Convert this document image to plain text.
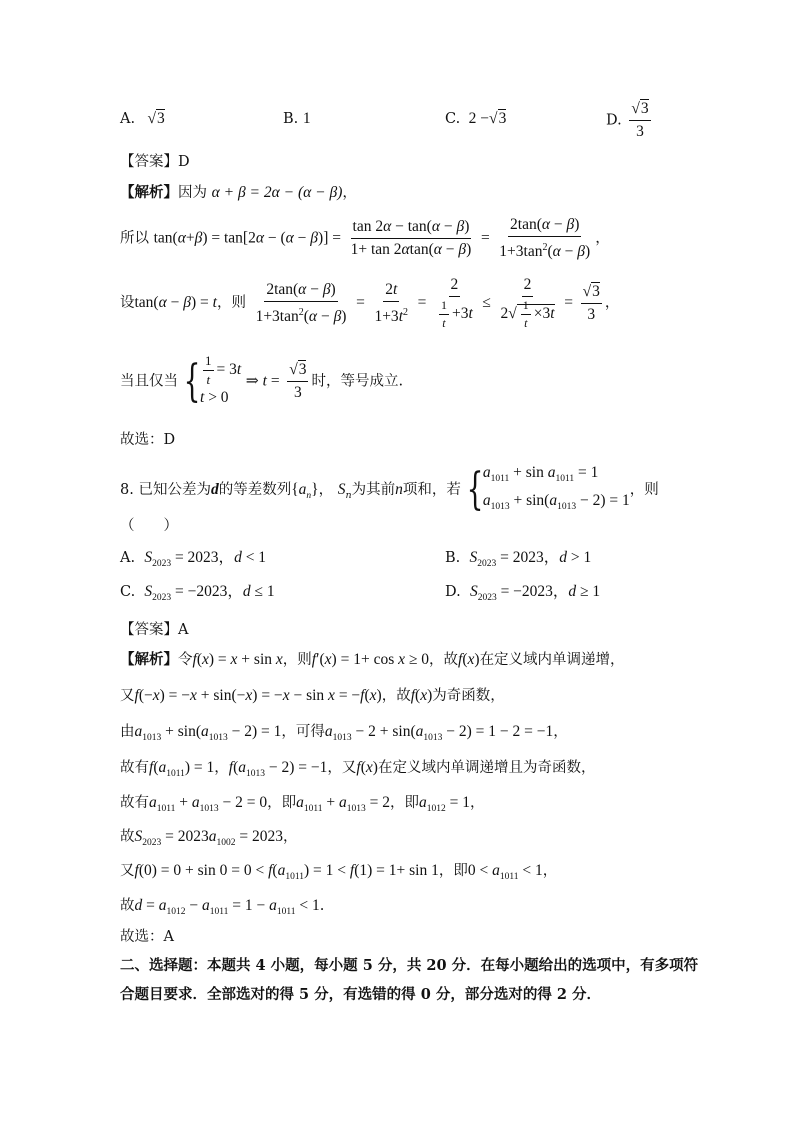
A.   √3	B. 1	C. 2 −√3	D. $\frac{√3}{3}$
【答案】D
【解析】因为 α + β = 2α − (α − β)，
所以 $\tan(\alpha+\beta) = \tan[2\alpha - (\alpha - \beta)] = \frac{\tan 2\alpha - \tan(\alpha - \beta)}{1+ \tan 2\alpha\tan(\alpha - \beta)} = \frac{2\tan(\alpha - \beta)}{1+3\tan^2(\alpha - \beta)}$ ，
设tan(α − β) = t，则 $\frac{2\tan(\alpha - \beta)}{1+3\tan^2(\alpha - \beta)} = \frac{2t}{1+3t^2} = \frac{2}{\frac{1}{t} +3t} \le \frac{2}{2√ \frac{1}{t} \times 3t} = \frac{√3}{3}$ ，
当且仅当 { $\frac{1}{t} = 3t$
t > 0
⇒ $t = \frac{√3}{3}$ 时，等号成立.
故选：D
8. 已知公差为d的等差数列$\{a_n\}$， $S_n$为其前n项和，若 { $a_{1011} + \sin a_{1011} = 1$
$a_{1013} + \sin(a_{1013} - 2) = 1$
，则
（　　）
A. $S_{2023} = 2023$，d < 1	B. $S_{2023} = 2023$，d > 1
C. $S_{2023} = -2023$，d ≤ 1	D. $S_{2023} = -2023$，d ≥ 1
【答案】A
【解析】令f(x) = x + sin x，则f′(x) = 1+ cos x ≥ 0，故f(x)在定义域内单调递增，
又f(−x) = −x + sin(−x) = −x − sin x = −f(x)，故f(x)为奇函数，
由$a_{1013} + \sin(a_{1013} - 2) = 1$，可得$a_{1013} - 2 + \sin(a_{1013} - 2) = 1 - 2 = -1$，
故有$f(a_{1011}) = 1$，$f(a_{1013} - 2) = -1$，又f(x)在定义域内单调递增且为奇函数，
故有$a_{1011} + a_{1013} - 2 = 0$，即$a_{1011} + a_{1013} = 2$，即$a_{1012} = 1$，
故$S_{2023} = 2023a_{1002} = 2023$，
又$f(0) = 0 + \sin 0 = 0 < f(a_{1011}) = 1 < f(1) = 1+ \sin 1$，即$0 < a_{1011} < 1$，
故$d = a_{1012} - a_{1011} = 1 - a_{1011} < 1$.
故选：A
二、选择题：本题共 4 小题，每小题 5 分，共 20 分．在每小题给出的选项中，有多项符
合题目要求．全部选对的得 5 分，有选错的得 0 分，部分选对的得 2 分．
